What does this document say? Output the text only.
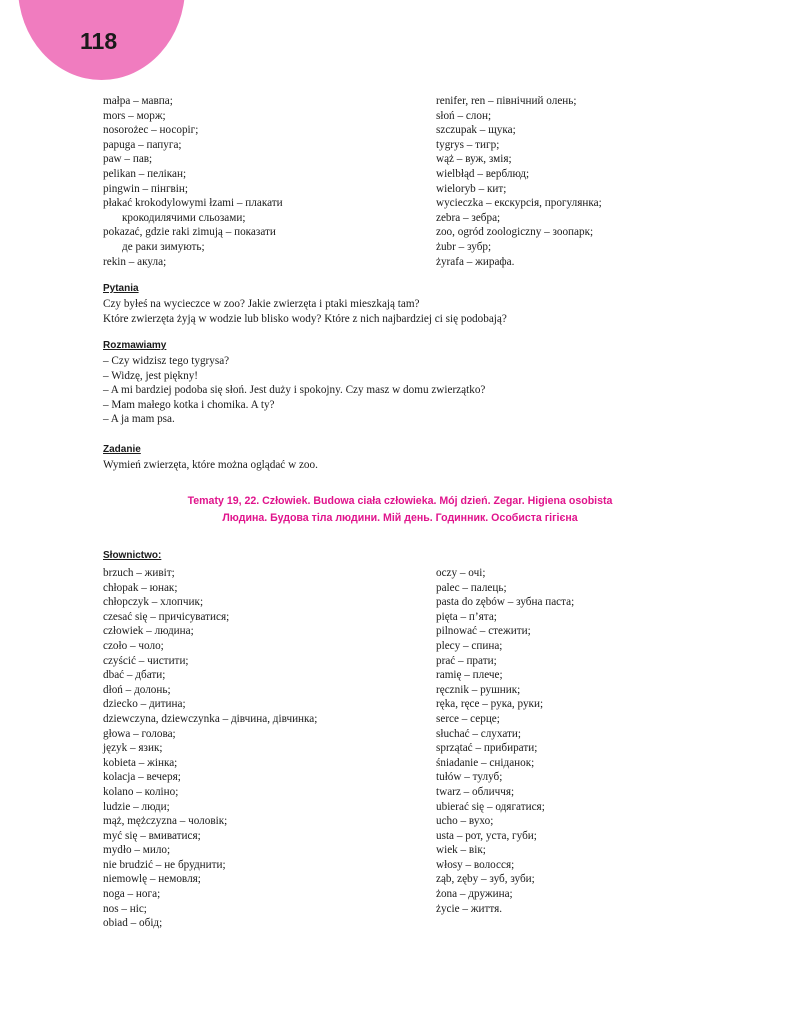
118
małpa – мавпа;
mors – морж;
nosorożec – носоріг;
papuga – папуга;
paw – пав;
pelikan – пелікан;
pingwin – пінгвін;
płakać krokodylowymi łzami – плакати
крокодилячими сльозами;
pokazać, gdzie raki zimują – показати
де раки зимують;
rekin – акула;
renifer, ren – північний олень;
słoń – слон;
szczupak – щука;
tygrys – тигр;
wąż – вуж, змія;
wielbłąd – верблюд;
wieloryb – кит;
wycieczka – екскурсія, прогулянка;
zebra – зебра;
zoo, ogród zoologiczny – зоопарк;
żubr – зубр;
żyrafa – жирафа.
Pytania
Czy byłeś na wycieczce w zoo? Jakie zwierzęta i ptaki mieszkają tam?
Które zwierzęta żyją w wodzie lub blisko wody? Które z nich najbardziej ci się podobają?
Rozmawiamy
– Czy widzisz tego tygrysa?
– Widzę, jest piękny!
– A mi bardziej podoba się słoń. Jest duży i spokojny. Czy masz w domu zwierzątko?
– Mam małego kotka i chomika. A ty?
– A ja mam psa.
Zadanie
Wymień zwierzęta, które można oglądać w zoo.
Tematy 19, 22. Człowiek. Budowa ciała człowieka. Mój dzień. Zegar. Higiena osobista
Людина. Будова тіла людини. Мій день. Годинник. Особиста гігієна
Słownictwo:
brzuch – живіт;
chłopak – юнак;
chłopczyk – хлопчик;
czesać się – причісуватися;
człowiek – людина;
czoło – чоло;
czyścić – чистити;
dbać – дбати;
dłoń – долонь;
dziecko – дитина;
dziewczyna, dziewczynka – дівчина, дівчинка;
głowa – голова;
język – язик;
kobieta – жінка;
kolacja – вечеря;
kolano – коліно;
ludzie – люди;
mąż, mężczyzna – чоловік;
myć się – вмиватися;
mydło – мило;
nie brudzić – не бруднити;
niemowlę – немовля;
noga – нога;
nos – ніс;
obiad – обід;
oczy – очі;
palec – палець;
pasta do zębów – зубна паста;
pięta – п’ята;
pilnować – стежити;
plecy – спина;
prać – прати;
ramię – плече;
ręcznik – рушник;
ręka, ręce – рука, руки;
serce – серце;
słuchać – слухати;
sprzątać – прибирати;
śniadanie – сніданок;
tułów – тулуб;
twarz – обличчя;
ubierać się – одягатися;
ucho – вухо;
usta – рот, уста, губи;
wiek – вік;
włosy – волосся;
ząb, zęby – зуб, зуби;
żona – дружина;
życie – життя.
